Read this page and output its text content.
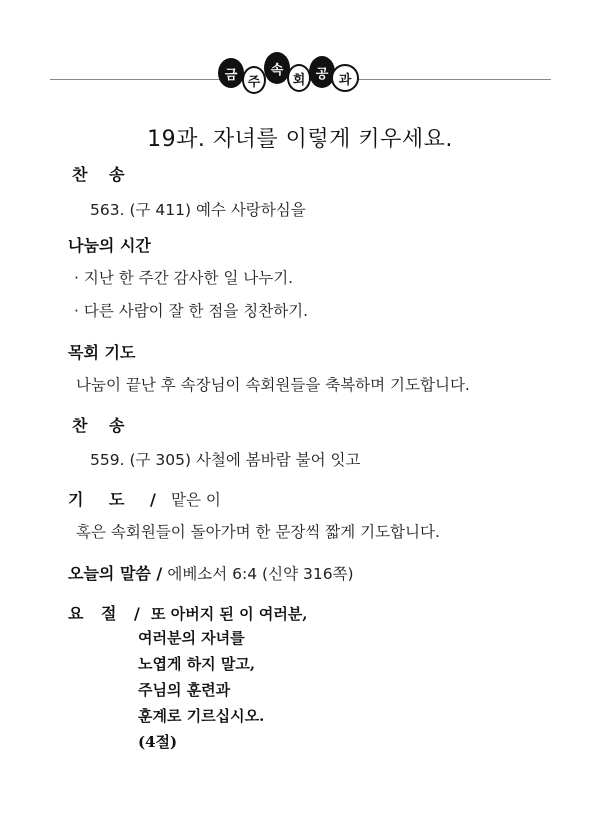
금 주
속
회 공 과
19과. 자녀를 이렇게 키우세요.
찬 송
563. (구 411) 예수 사랑하심을
나눔의 시간
· 지난 한 주간 감사한 일 나누기.
· 다른 사람이 잘 한 점을 칭찬하기.
목회 기도
나눔이 끝난 후 속장님이 속회원들을 축복하며 기도합니다.
찬 송
559. (구 305) 사철에 봄바람 불어 잇고
기 도 / 맡은 이
혹은 속회원들이 돌아가며 한 문장씩 짧게 기도합니다.
오늘의 말씀 / 에베소서 6:4 (신약 316쪽)
요 절 / 또 아버지 된 이 여러분,
여러분의 자녀를
노엽게 하지 말고,
주님의 훈련과
훈계로 기르십시오.
(4절)
